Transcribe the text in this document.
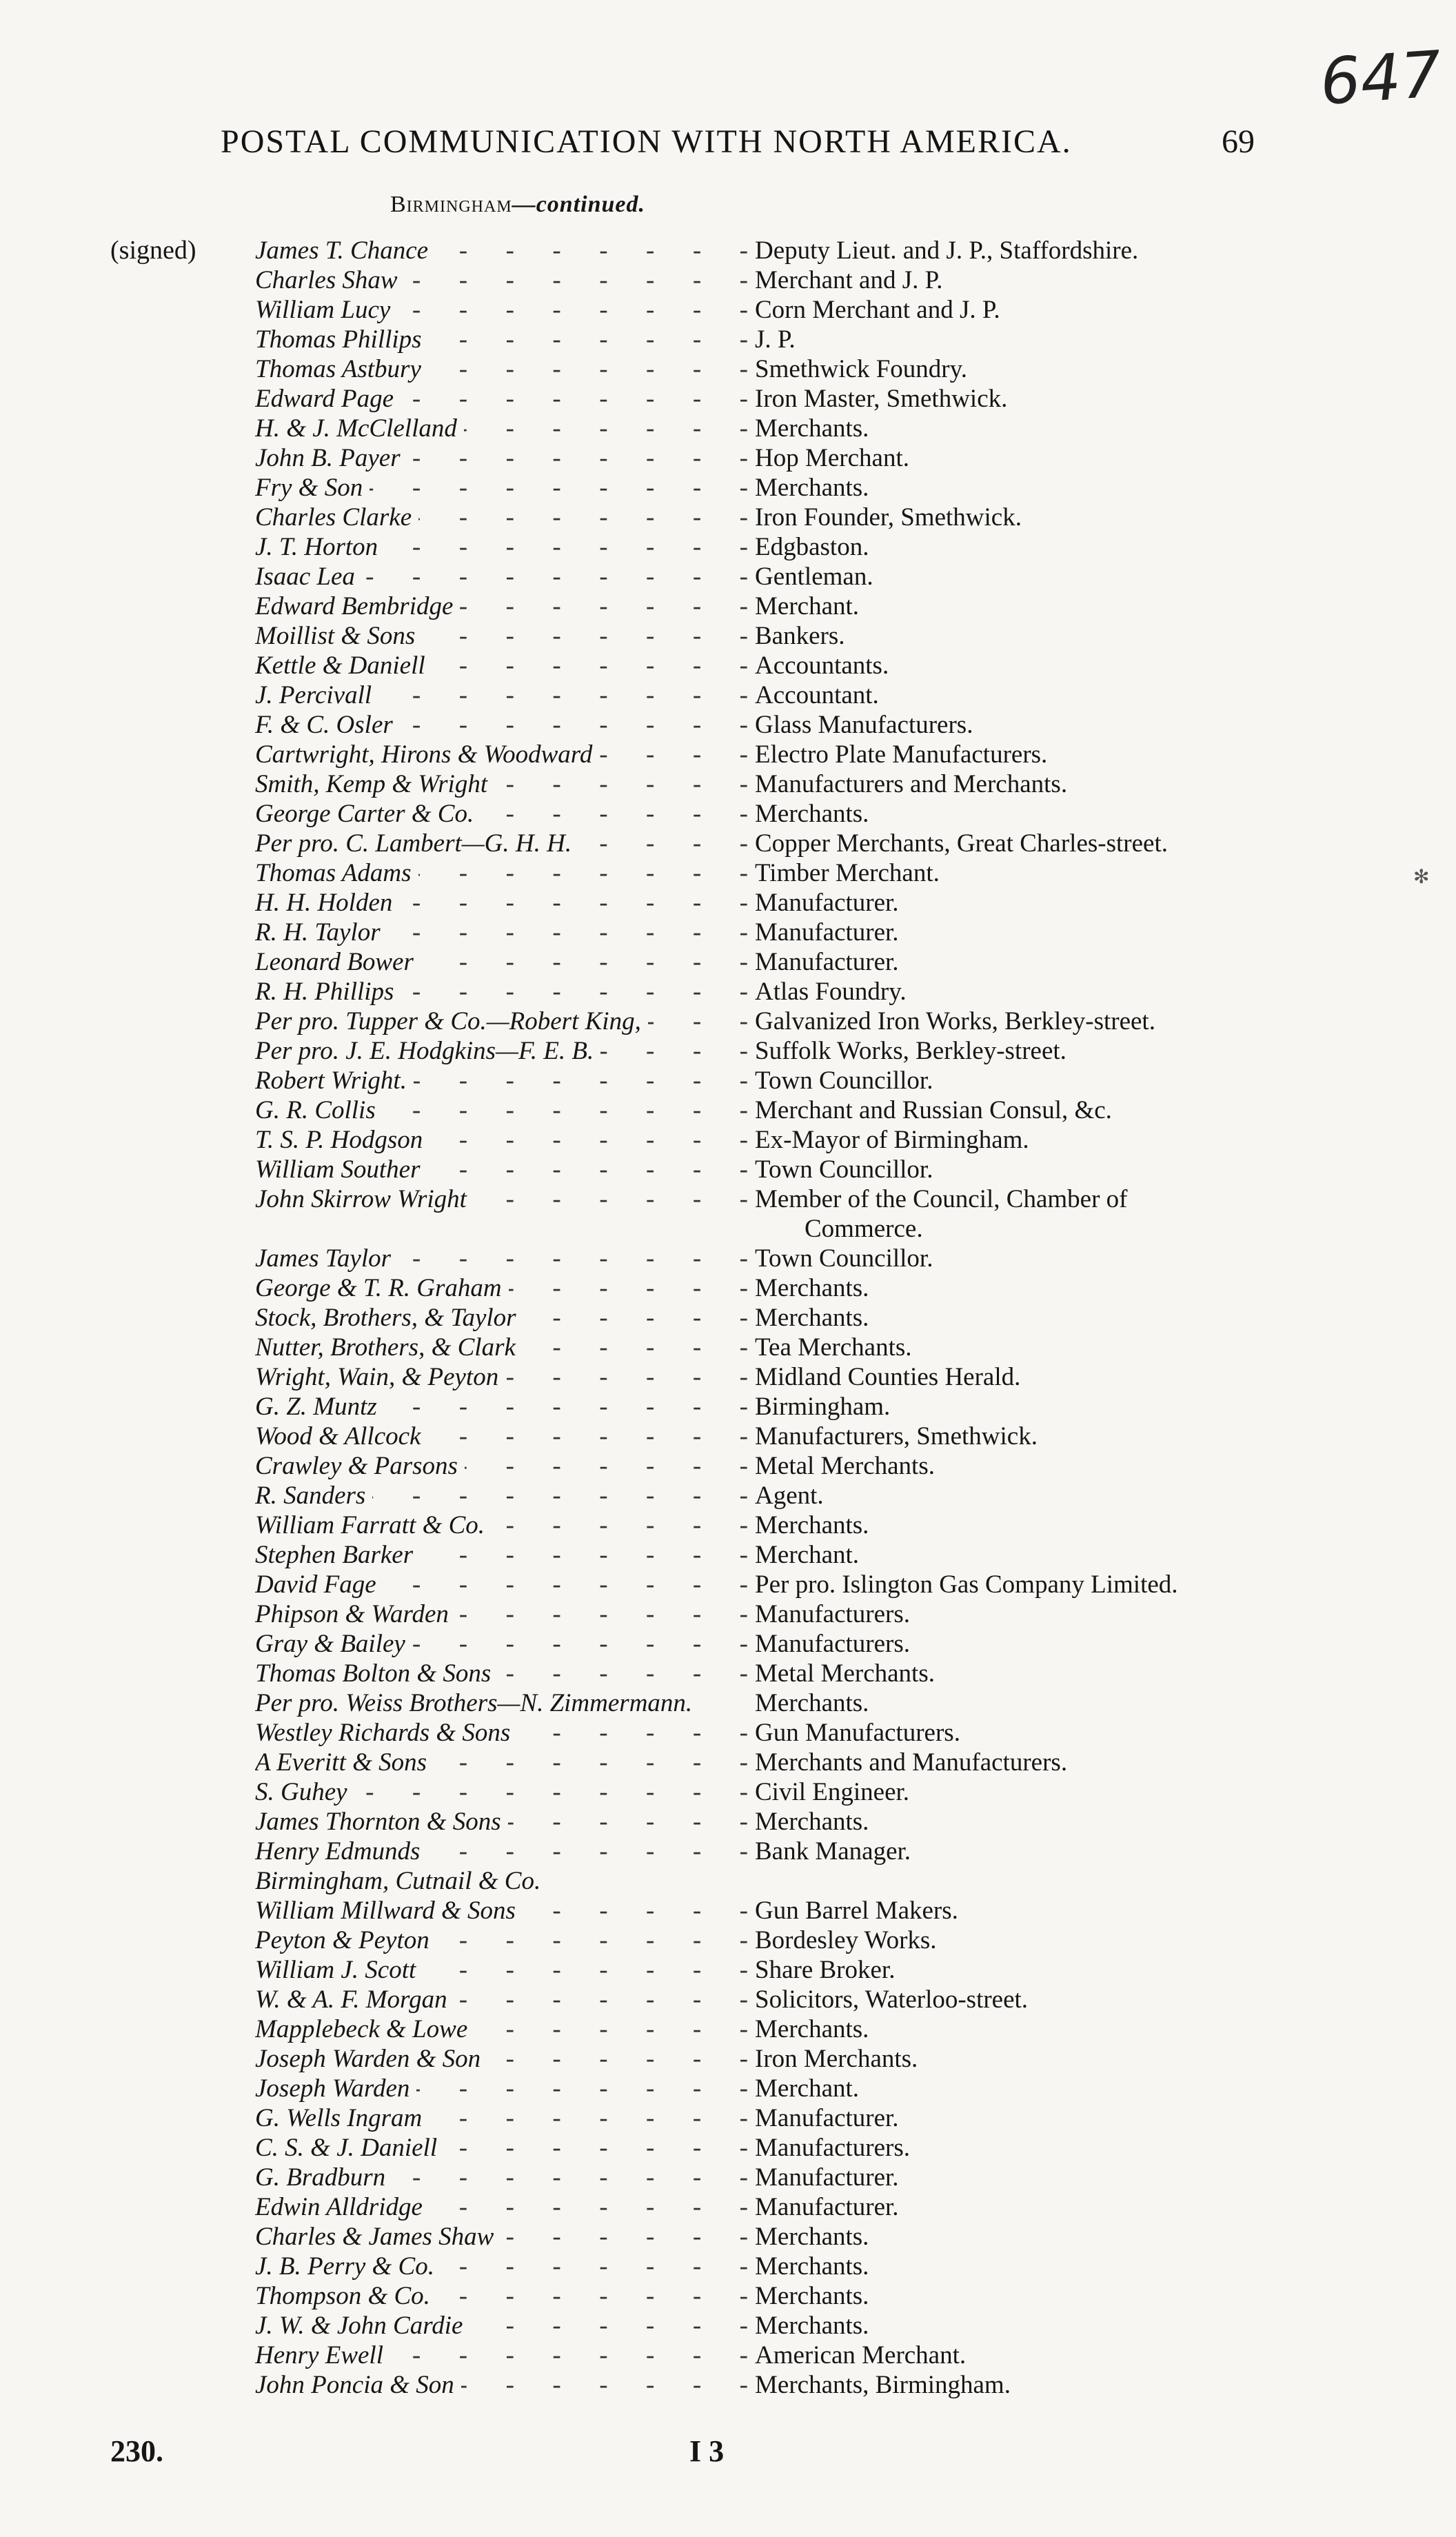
647
POSTAL COMMUNICATION WITH NORTH AMERICA.	69
Birmingham—continued.
(signed) James T. Chance -	Deputy Lieut. and J. P., Staffordshire.
Charles Shaw -	Merchant and J. P.
William Lucy -	Corn Merchant and J. P.
Thomas Phillips -	J. P.
Thomas Astbury -	Smethwick Foundry.
Edward Page -	Iron Master, Smethwick.
H. & J. McClelland -	Merchants.
John B. Payer -	Hop Merchant.
Fry & Son -	Merchants.
Charles Clarke -	Iron Founder, Smethwick.
J. T. Horton -	Edgbaston.
Isaac Lea -	Gentleman.
Edward Bembridge -	Merchant.
Moillist & Sons -	Bankers.
Kettle & Daniell -	Accountants.
J. Percivall -	Accountant.
F. & C. Osler -	Glass Manufacturers.
Cartwright, Hirons & Woodward -	Electro Plate Manufacturers.
Smith, Kemp & Wright -	Manufacturers and Merchants.
George Carter & Co. -	Merchants.
Per pro. C. Lambert—G. H. H. -	Copper Merchants, Great Charles-street.
Thomas Adams -	Timber Merchant.
H. H. Holden -	Manufacturer.
R. H. Taylor -	Manufacturer.
Leonard Bower -	Manufacturer.
R. H. Phillips -	Atlas Foundry.
Per pro. Tupper & Co.—Robert King, -	Galvanized Iron Works, Berkley-street.
Per pro. J. E. Hodgkins—F. E. B. -	Suffolk Works, Berkley-street.
Robert Wright. -	Town Councillor.
G. R. Collis -	Merchant and Russian Consul, &c.
T. S. P. Hodgson -	Ex-Mayor of Birmingham.
William Souther -	Town Councillor.
John Skirrow Wright -	Member of the Council, Chamber of
Commerce.
James Taylor -	Town Councillor.
George & T. R. Graham -	Merchants.
Stock, Brothers, & Taylor -	Merchants.
Nutter, Brothers, & Clark -	Tea Merchants.
Wright, Wain, & Peyton -	Midland Counties Herald.
G. Z. Muntz -	Birmingham.
Wood & Allcock -	Manufacturers, Smethwick.
Crawley & Parsons -	Metal Merchants.
R. Sanders -	Agent.
William Farratt & Co. -	Merchants.
Stephen Barker -	Merchant.
David Fage -	Per pro. Islington Gas Company Limited.
Phipson & Warden -	Manufacturers.
Gray & Bailey -	Manufacturers.
Thomas Bolton & Sons -	Metal Merchants.
Per pro. Weiss Brothers—N. Zimmermann.	Merchants.
Westley Richards & Sons -	Gun Manufacturers.
A Everitt & Sons -	Merchants and Manufacturers.
S. Guhey -	Civil Engineer.
James Thornton & Sons -	Merchants.
Henry Edmunds -	Bank Manager.
Birmingham, Cutnail & Co.
William Millward & Sons -	Gun Barrel Makers.
Peyton & Peyton -	Bordesley Works.
William J. Scott -	Share Broker.
W. & A. F. Morgan -	Solicitors, Waterloo-street.
Mapplebeck & Lowe -	Merchants.
Joseph Warden & Son -	Iron Merchants.
Joseph Warden -	Merchant.
G. Wells Ingram -	Manufacturer.
C. S. & J. Daniell -	Manufacturers.
G. Bradburn -	Manufacturer.
Edwin Alldridge -	Manufacturer.
Charles & James Shaw -	Merchants.
J. B. Perry & Co. -	Merchants.
Thompson & Co. -	Merchants.
J. W. & John Cardie -	Merchants.
Henry Ewell -	American Merchant.
John Poncia & Son -	Merchants, Birmingham.
230.	I 3
✻
